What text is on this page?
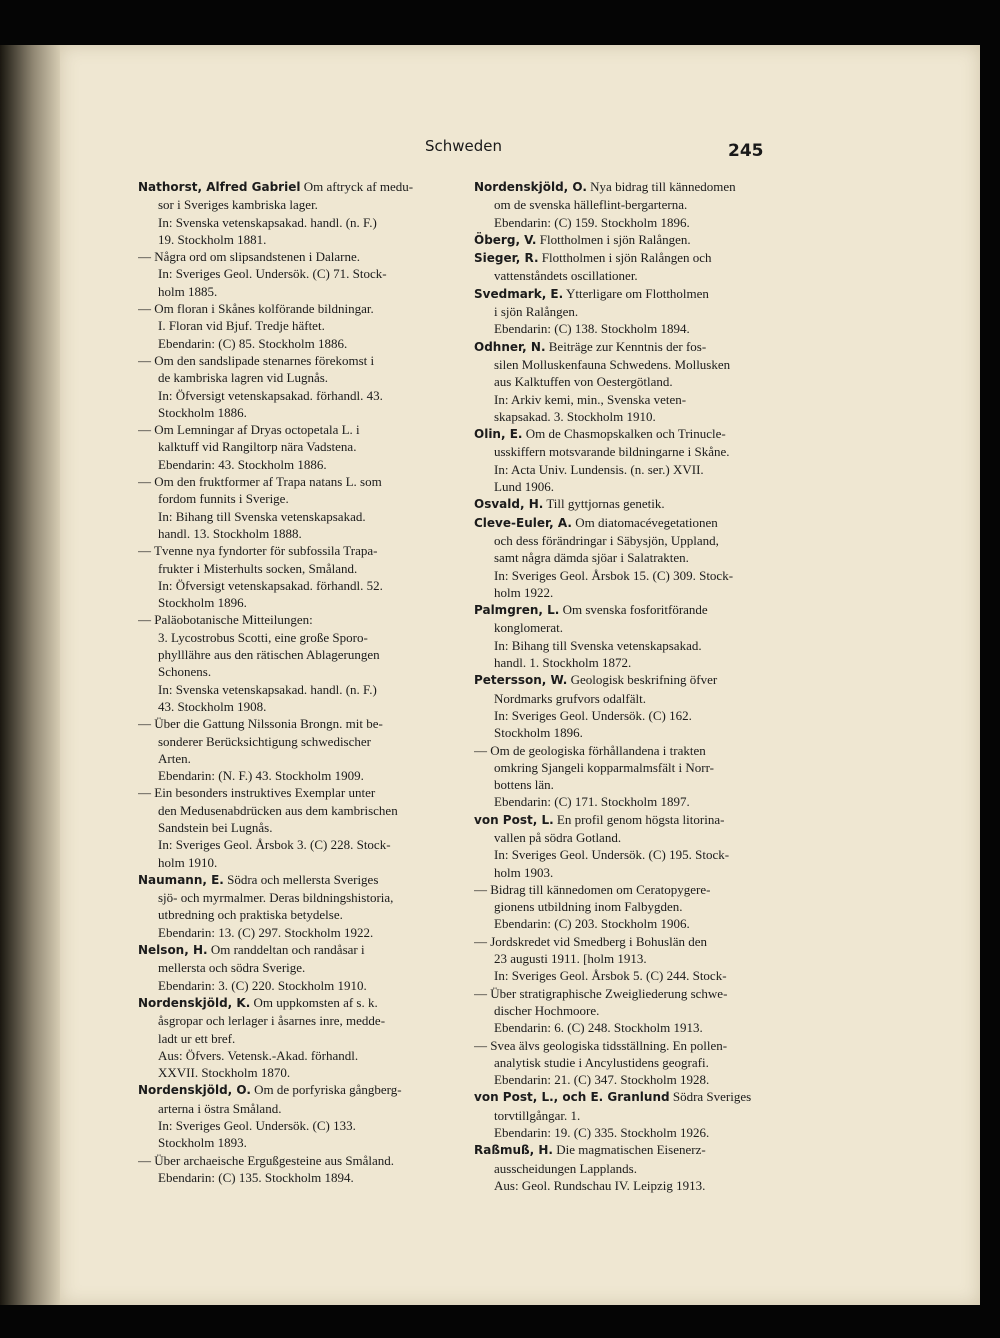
Schweden	245
Nathorst, Alfred Gabriel Om aftryck af medu-
sor i Sveriges kambriska lager.
In: Svenska vetenskapsakad. handl. (n. F.)
19. Stockholm 1881.
— Några ord om slipsandstenen i Dalarne.
In: Sveriges Geol. Undersök. (C) 71. Stock-
holm 1885.
— Om floran i Skånes kolförande bildningar.
I. Floran vid Bjuf. Tredje häftet.
Ebendarin: (C) 85. Stockholm 1886.
— Om den sandslipade stenarnes förekomst i
de kambriska lagren vid Lugnås.
In: Öfversigt vetenskapsakad. förhandl. 43.
Stockholm 1886.
— Om Lemningar af Dryas octopetala L. i
kalktuff vid Rangiltorp nära Vadstena.
Ebendarin: 43. Stockholm 1886.
— Om den fruktformer af Trapa natans L. som
fordom funnits i Sverige.
In: Bihang till Svenska vetenskapsakad.
handl. 13. Stockholm 1888.
— Tvenne nya fyndorter för subfossila Trapa-
frukter i Misterhults socken, Småland.
In: Öfversigt vetenskapsakad. förhandl. 52.
Stockholm 1896.
— Paläobotanische Mitteilungen:
3. Lycostrobus Scotti, eine große Sporo-
phylllähre aus den rätischen Ablagerungen
Schonens.
In: Svenska vetenskapsakad. handl. (n. F.)
43. Stockholm 1908.
— Über die Gattung Nilssonia Brongn. mit be-
sonderer Berücksichtigung schwedischer
Arten.
Ebendarin: (N. F.) 43. Stockholm 1909.
— Ein besonders instruktives Exemplar unter
den Medusenabdrücken aus dem kambrischen
Sandstein bei Lugnås.
In: Sveriges Geol. Årsbok 3. (C) 228. Stock-
holm 1910.
Naumann, E. Södra och mellersta Sveriges
sjö- och myrmalmer. Deras bildningshistoria,
utbredning och praktiska betydelse.
Ebendarin: 13. (C) 297. Stockholm 1922.
Nelson, H. Om randdeltan och randåsar i
mellersta och södra Sverige.
Ebendarin: 3. (C) 220. Stockholm 1910.
Nordenskjöld, K. Om uppkomsten af s. k.
åsgropar och lerlager i åsarnes inre, medde-
ladt ur ett bref.
Aus: Öfvers. Vetensk.-Akad. förhandl.
XXVII. Stockholm 1870.
Nordenskjöld, O. Om de porfyriska gångberg-
arterna i östra Småland.
In: Sveriges Geol. Undersök. (C) 133.
Stockholm 1893.
— Über archaeische Ergußgesteine aus Småland.
Ebendarin: (C) 135. Stockholm 1894.
Nordenskjöld, O. Nya bidrag till kännedomen
om de svenska hälleflint-bergarterna.
Ebendarin: (C) 159. Stockholm 1896.
Öberg, V. Flottholmen i sjön Ralången.
Sieger, R. Flottholmen i sjön Ralången och
vattenståndets oscillationer.
Svedmark, E. Ytterligare om Flottholmen
i sjön Ralången.
Ebendarin: (C) 138. Stockholm 1894.
Odhner, N. Beiträge zur Kenntnis der fos-
silen Molluskenfauna Schwedens. Mollusken
aus Kalktuffen von Oestergötland.
In: Arkiv kemi, min., Svenska veten-
skapsakad. 3. Stockholm 1910.
Olin, E. Om de Chasmopskalken och Trinucle-
usskiffern motsvarande bildningarne i Skåne.
In: Acta Univ. Lundensis. (n. ser.) XVII.
Lund 1906.
Osvald, H. Till gyttjornas genetik.
Cleve-Euler, A. Om diatomacévegetationen
och dess förändringar i Säbysjön, Uppland,
samt några dämda sjöar i Salatrakten.
In: Sveriges Geol. Årsbok 15. (C) 309. Stock-
holm 1922.
Palmgren, L. Om svenska fosforitförande
konglomerat.
In: Bihang till Svenska vetenskapsakad.
handl. 1. Stockholm 1872.
Petersson, W. Geologisk beskrifning öfver
Nordmarks grufvors odalfält.
In: Sveriges Geol. Undersök. (C) 162.
Stockholm 1896.
— Om de geologiska förhållandena i trakten
omkring Sjangeli kopparmalmsfält i Norr-
bottens län.
Ebendarin: (C) 171. Stockholm 1897.
von Post, L. En profil genom högsta litorina-
vallen på södra Gotland.
In: Sveriges Geol. Undersök. (C) 195. Stock-
holm 1903.
— Bidrag till kännedomen om Ceratopygere-
gionens utbildning inom Falbygden.
Ebendarin: (C) 203. Stockholm 1906.
— Jordskredet vid Smedberg i Bohuslän den
23 augusti 1911. [holm 1913.
In: Sveriges Geol. Årsbok 5. (C) 244. Stock-
— Über stratigraphische Zweigliederung schwe-
discher Hochmoore.
Ebendarin: 6. (C) 248. Stockholm 1913.
— Svea älvs geologiska tidsställning. En pollen-
analytisk studie i Ancylustidens geografi.
Ebendarin: 21. (C) 347. Stockholm 1928.
von Post, L., och E. Granlund Södra Sveriges
torvtillgångar. 1.
Ebendarin: 19. (C) 335. Stockholm 1926.
Raßmuß, H. Die magmatischen Eisenerz-
ausscheidungen Lapplands.
Aus: Geol. Rundschau IV. Leipzig 1913.
